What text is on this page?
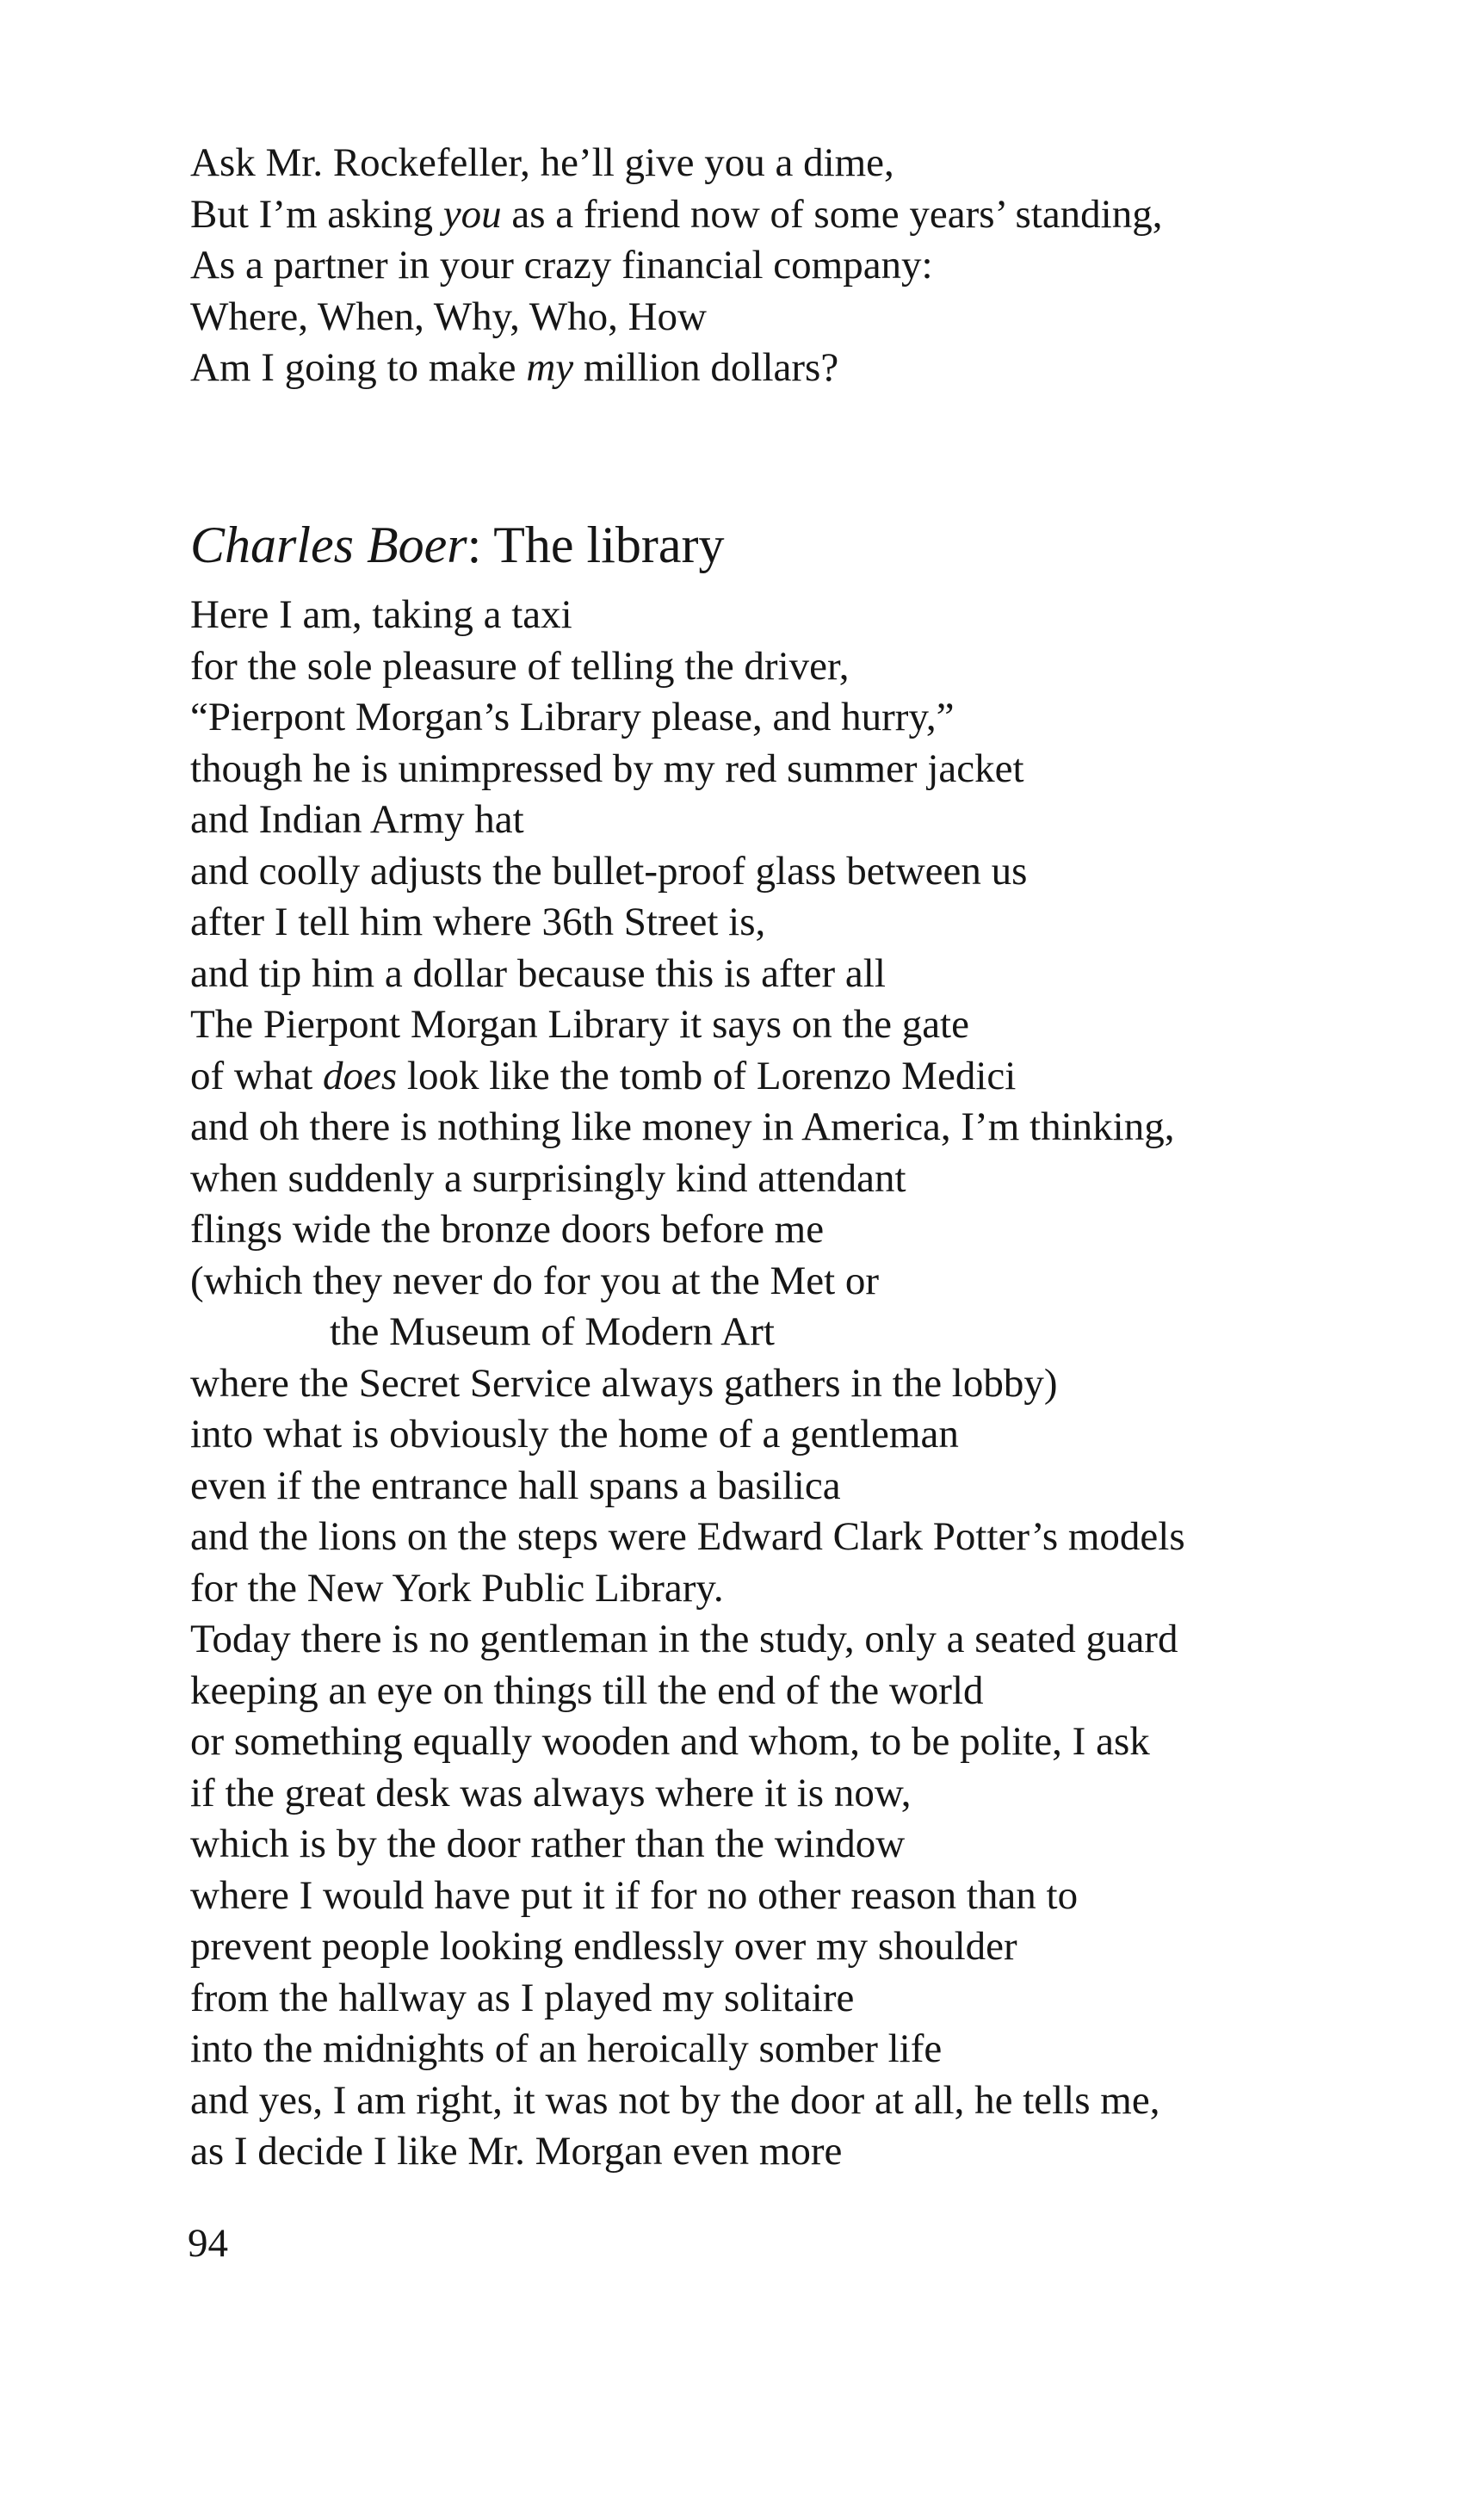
Ask Mr. Rockefeller, he’ll give you a dime,
But I’m asking you as a friend now of some years’ standing,
As a partner in your crazy financial company:
Where, When, Why, Who, How
Am I going to make my million dollars?
Charles Boer: The library
Here I am, taking a taxi
for the sole pleasure of telling the driver,
“Pierpont Morgan’s Library please, and hurry,”
though he is unimpressed by my red summer jacket
and Indian Army hat
and coolly adjusts the bullet-proof glass between us
after I tell him where 36th Street is,
and tip him a dollar because this is after all
The Pierpont Morgan Library it says on the gate
of what does look like the tomb of Lorenzo Medici
and oh there is nothing like money in America, I’m thinking,
when suddenly a surprisingly kind attendant
flings wide the bronze doors before me
(which they never do for you at the Met or
the Museum of Modern Art
where the Secret Service always gathers in the lobby)
into what is obviously the home of a gentleman
even if the entrance hall spans a basilica
and the lions on the steps were Edward Clark Potter’s models
for the New York Public Library.
Today there is no gentleman in the study, only a seated guard
keeping an eye on things till the end of the world
or something equally wooden and whom, to be polite, I ask
if the great desk was always where it is now,
which is by the door rather than the window
where I would have put it if for no other reason than to
prevent people looking endlessly over my shoulder
from the hallway as I played my solitaire
into the midnights of an heroically somber life
and yes, I am right, it was not by the door at all, he tells me,
as I decide I like Mr. Morgan even more
94
